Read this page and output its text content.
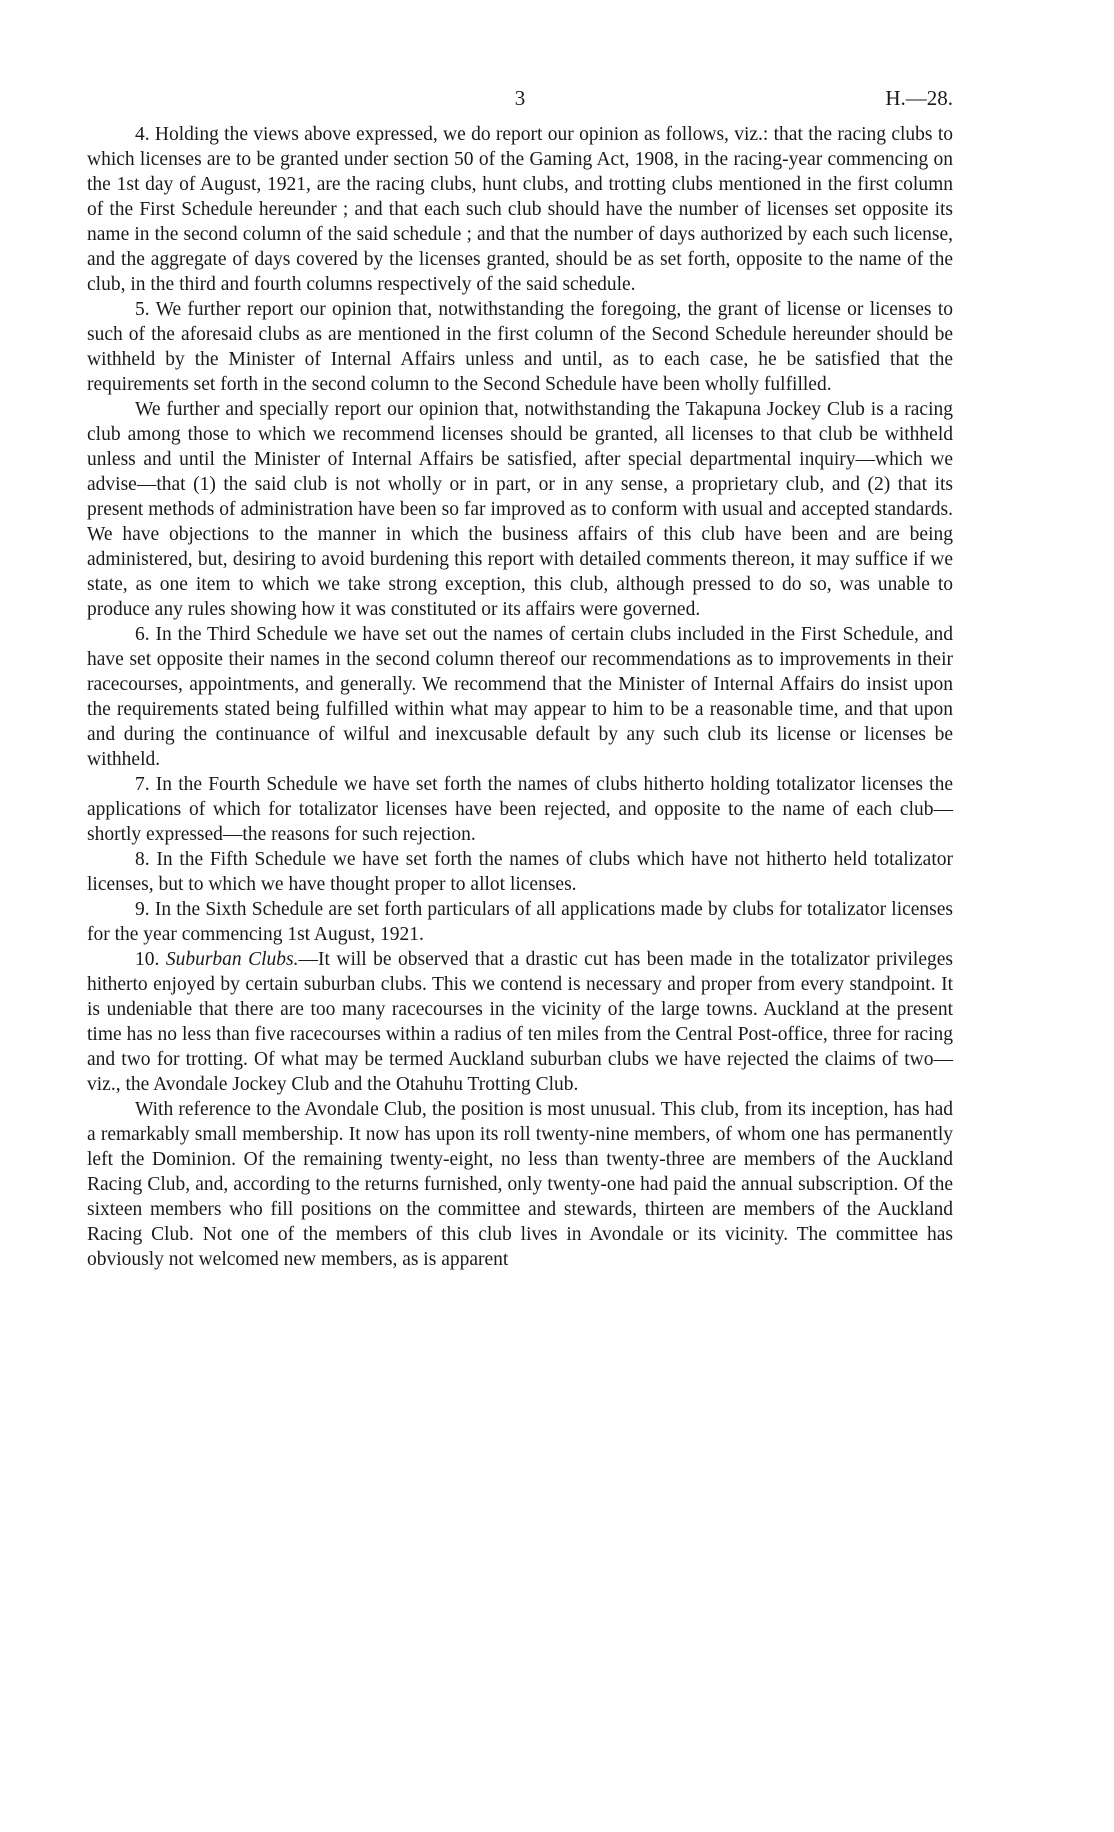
3	H.—28.

4. Holding the views above expressed, we do report our opinion as follows, viz.: that the racing clubs to which licenses are to be granted under section 50 of the Gaming Act, 1908, in the racing-year commencing on the 1st day of August, 1921, are the racing clubs, hunt clubs, and trotting clubs mentioned in the first column of the First Schedule hereunder ; and that each such club should have the number of licenses set opposite its name in the second column of the said schedule ; and that the number of days authorized by each such license, and the aggregate of days covered by the licenses granted, should be as set forth, opposite to the name of the club, in the third and fourth columns respectively of the said schedule.

5. We further report our opinion that, notwithstanding the foregoing, the grant of license or licenses to such of the aforesaid clubs as are mentioned in the first column of the Second Schedule hereunder should be withheld by the Minister of Internal Affairs unless and until, as to each case, he be satisfied that the requirements set forth in the second column to the Second Schedule have been wholly fulfilled.

We further and specially report our opinion that, notwithstanding the Takapuna Jockey Club is a racing club among those to which we recommend licenses should be granted, all licenses to that club be withheld unless and until the Minister of Internal Affairs be satisfied, after special departmental inquiry—which we advise—that (1) the said club is not wholly or in part, or in any sense, a proprietary club, and (2) that its present methods of administration have been so far improved as to conform with usual and accepted standards. We have objections to the manner in which the business affairs of this club have been and are being administered, but, desiring to avoid burdening this report with detailed comments thereon, it may suffice if we state, as one item to which we take strong exception, this club, although pressed to do so, was unable to produce any rules showing how it was constituted or its affairs were governed.

6. In the Third Schedule we have set out the names of certain clubs included in the First Schedule, and have set opposite their names in the second column thereof our recommendations as to improvements in their racecourses, appointments, and generally. We recommend that the Minister of Internal Affairs do insist upon the requirements stated being fulfilled within what may appear to him to be a reasonable time, and that upon and during the continuance of wilful and inexcusable default by any such club its license or licenses be withheld.

7. In the Fourth Schedule we have set forth the names of clubs hitherto holding totalizator licenses the applications of which for totalizator licenses have been rejected, and opposite to the name of each club—shortly expressed—the reasons for such rejection.

8. In the Fifth Schedule we have set forth the names of clubs which have not hitherto held totalizator licenses, but to which we have thought proper to allot licenses.

9. In the Sixth Schedule are set forth particulars of all applications made by clubs for totalizator licenses for the year commencing 1st August, 1921.

10. Suburban Clubs.—It will be observed that a drastic cut has been made in the totalizator privileges hitherto enjoyed by certain suburban clubs. This we contend is necessary and proper from every standpoint. It is undeniable that there are too many racecourses in the vicinity of the large towns. Auckland at the present time has no less than five racecourses within a radius of ten miles from the Central Post-office, three for racing and two for trotting. Of what may be termed Auckland suburban clubs we have rejected the claims of two—viz., the Avondale Jockey Club and the Otahuhu Trotting Club.

With reference to the Avondale Club, the position is most unusual. This club, from its inception, has had a remarkably small membership. It now has upon its roll twenty-nine members, of whom one has permanently left the Dominion. Of the remaining twenty-eight, no less than twenty-three are members of the Auckland Racing Club, and, according to the returns furnished, only twenty-one had paid the annual subscription. Of the sixteen members who fill positions on the committee and stewards, thirteen are members of the Auckland Racing Club. Not one of the members of this club lives in Avondale or its vicinity. The committee has obviously not welcomed new members, as is apparent
